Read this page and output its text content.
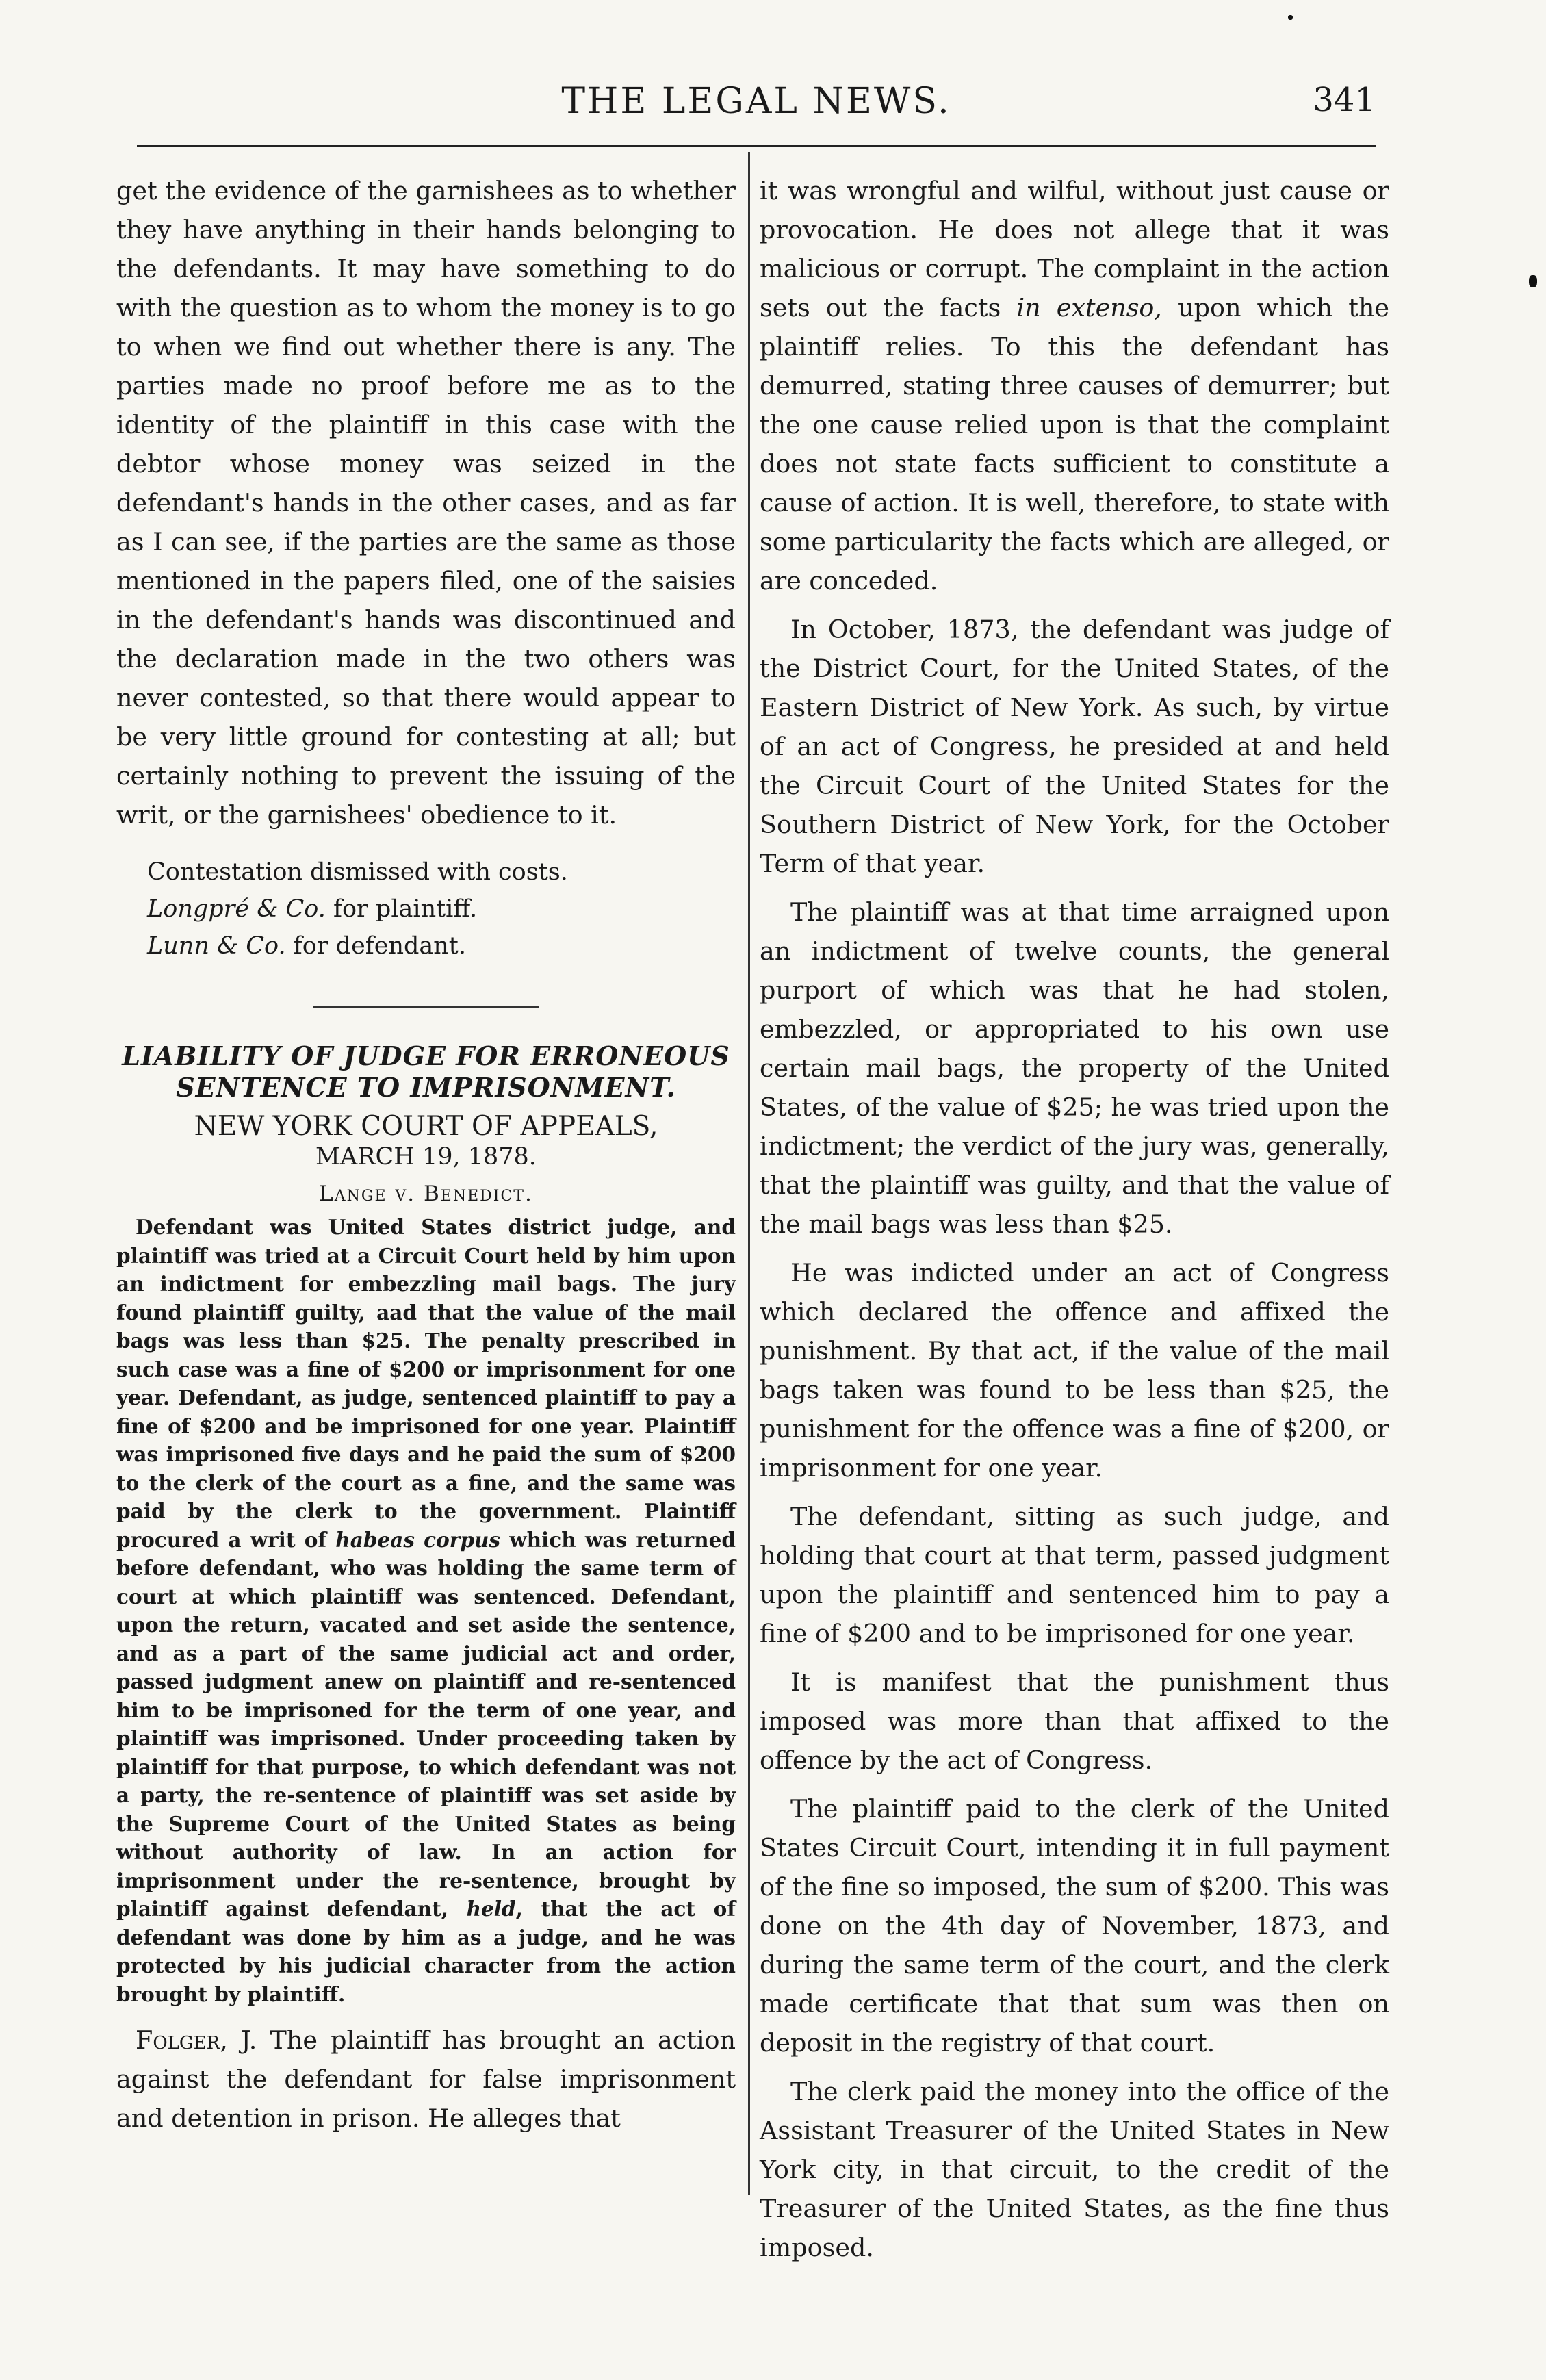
THE LEGAL NEWS.	341

get the evidence of the garnishees as to whether they have anything in their hands belonging to the defendants. It may have something to do with the question as to whom the money is to go to when we find out whether there is any. The parties made no proof before me as to the identity of the plaintiff in this case with the debtor whose money was seized in the defendant's hands in the other cases, and as far as I can see, if the parties are the same as those mentioned in the papers filed, one of the saisies in the defendant's hands was discontinued and the declaration made in the two others was never contested, so that there would appear to be very little ground for contesting at all; but certainly nothing to prevent the issuing of the writ, or the garnishees' obedience to it.

Contestation dismissed with costs.

Longpré & Co. for plaintiff.

Lunn & Co. for defendant.

LIABILITY OF JUDGE FOR ERRONEOUS
SENTENCE TO IMPRISONMENT.
NEW YORK COURT OF APPEALS,
MARCH 19, 1878.
Lange v. Benedict.

Defendant was United States district judge, and plaintiff was tried at a Circuit Court held by him upon an indictment for embezzling mail bags. The jury found plaintiff guilty, aad that the value of the mail bags was less than $25. The penalty prescribed in such case was a fine of $200 or imprisonment for one year. Defendant, as judge, sentenced plaintiff to pay a fine of $200 and be imprisoned for one year. Plaintiff was imprisoned five days and he paid the sum of $200 to the clerk of the court as a fine, and the same was paid by the clerk to the government. Plaintiff procured a writ of habeas corpus which was returned before defendant, who was holding the same term of court at which plaintiff was sentenced. Defendant, upon the return, vacated and set aside the sentence, and as a part of the same judicial act and order, passed judgment anew on plaintiff and re-sentenced him to be imprisoned for the term of one year, and plaintiff was imprisoned. Under proceeding taken by plaintiff for that purpose, to which defendant was not a party, the re-sentence of plaintiff was set aside by the Supreme Court of the United States as being without authority of law. In an action for imprisonment under the re-sentence, brought by plaintiff against defendant, held, that the act of defendant was done by him as a judge, and he was protected by his judicial character from the action brought by plaintiff.

Folger, J. The plaintiff has brought an action against the defendant for false imprisonment and detention in prison. He alleges that

it was wrongful and wilful, without just cause or provocation. He does not allege that it was malicious or corrupt. The complaint in the action sets out the facts in extenso, upon which the plaintiff relies. To this the defendant has demurred, stating three causes of demurrer; but the one cause relied upon is that the complaint does not state facts sufficient to constitute a cause of action. It is well, therefore, to state with some particularity the facts which are alleged, or are conceded.

In October, 1873, the defendant was judge of the District Court, for the United States, of the Eastern District of New York. As such, by virtue of an act of Congress, he presided at and held the Circuit Court of the United States for the Southern District of New York, for the October Term of that year.

The plaintiff was at that time arraigned upon an indictment of twelve counts, the general purport of which was that he had stolen, embezzled, or appropriated to his own use certain mail bags, the property of the United States, of the value of $25; he was tried upon the indictment; the verdict of the jury was, generally, that the plaintiff was guilty, and that the value of the mail bags was less than $25.

He was indicted under an act of Congress which declared the offence and affixed the punishment. By that act, if the value of the mail bags taken was found to be less than $25, the punishment for the offence was a fine of $200, or imprisonment for one year.

The defendant, sitting as such judge, and holding that court at that term, passed judgment upon the plaintiff and sentenced him to pay a fine of $200 and to be imprisoned for one year.

It is manifest that the punishment thus imposed was more than that affixed to the offence by the act of Congress.

The plaintiff paid to the clerk of the United States Circuit Court, intending it in full payment of the fine so imposed, the sum of $200. This was done on the 4th day of November, 1873, and during the same term of the court, and the clerk made certificate that that sum was then on deposit in the registry of that court.

The clerk paid the money into the office of the Assistant Treasurer of the United States in New York city, in that circuit, to the credit of the Treasurer of the United States, as the fine thus imposed.
